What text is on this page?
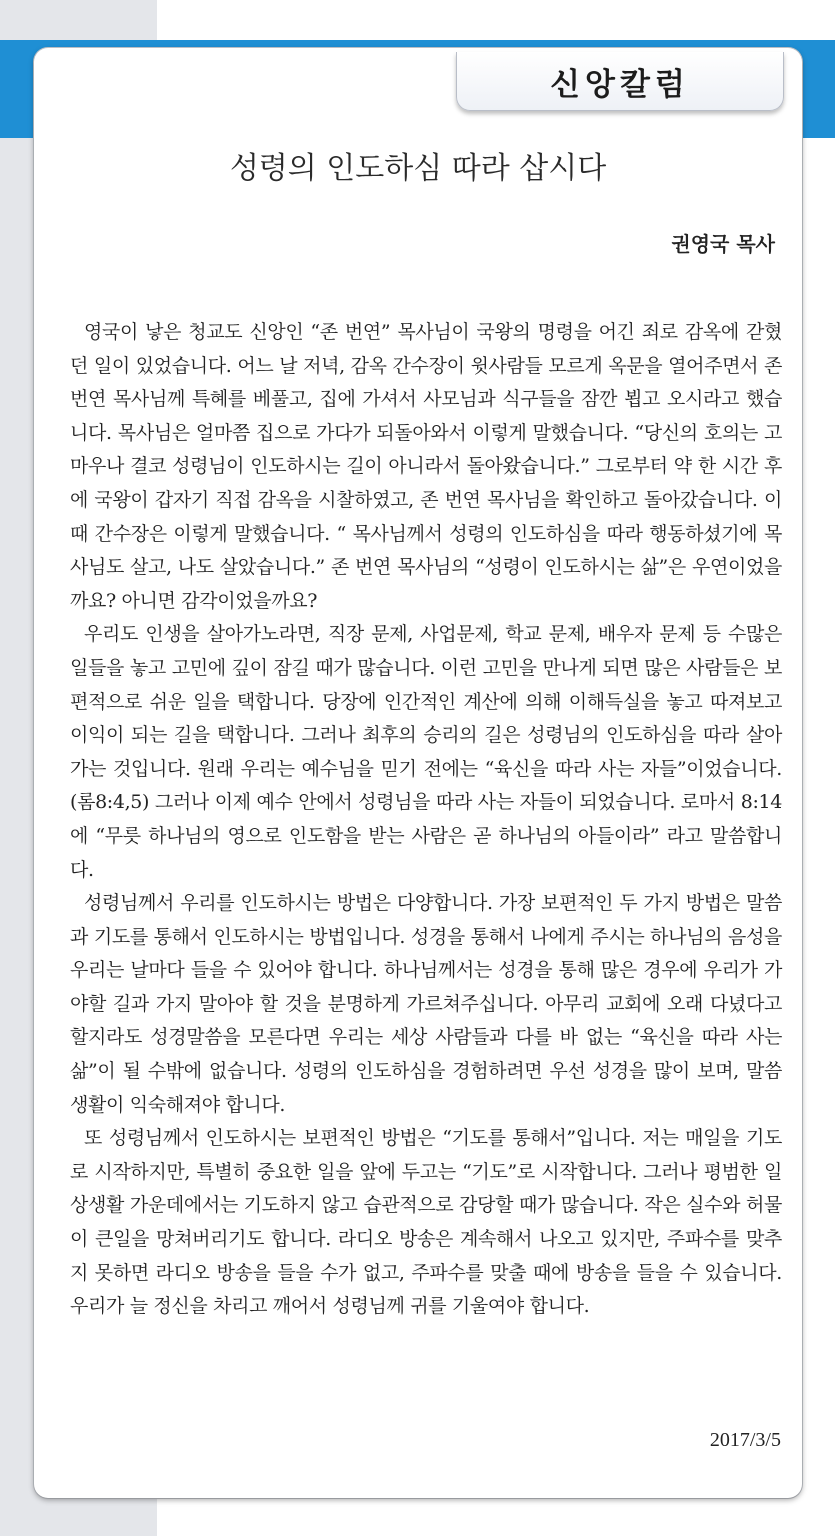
신앙칼럼
성령의 인도하심 따라 삽시다
권영국 목사

영국이 낳은 청교도 신앙인 “존 번연” 목사님이 국왕의 명령을 어긴 죄로 감옥에 갇혔던 일이 있었습니다. 어느 날 저녁, 감옥 간수장이 윗사람들 모르게 옥문을 열어주면서 존 번연 목사님께 특혜를 베풀고, 집에 가셔서 사모님과 식구들을 잠깐 뵙고 오시라고 했습니다. 목사님은 얼마쯤 집으로 가다가 되돌아와서 이렇게 말했습니다. “당신의 호의는 고마우나 결코 성령님이 인도하시는 길이 아니라서 돌아왔습니다.” 그로부터 약 한 시간 후에 국왕이 갑자기 직접 감옥을 시찰하였고, 존 번연 목사님을 확인하고 돌아갔습니다. 이 때 간수장은 이렇게 말했습니다. “ 목사님께서 성령의 인도하심을 따라 행동하셨기에 목사님도 살고, 나도 살았습니다.” 존 번연 목사님의 “성령이 인도하시는 삶”은 우연이었을까요? 아니면 감각이었을까요?

우리도 인생을 살아가노라면, 직장 문제, 사업문제, 학교 문제, 배우자 문제 등 수많은 일들을 놓고 고민에 깊이 잠길 때가 많습니다. 이런 고민을 만나게 되면 많은 사람들은 보편적으로 쉬운 일을 택합니다. 당장에 인간적인 계산에 의해 이해득실을 놓고 따져보고 이익이 되는 길을 택합니다. 그러나 최후의 승리의 길은 성령님의 인도하심을 따라 살아가는 것입니다. 원래 우리는 예수님을 믿기 전에는 “육신을 따라 사는 자들”이었습니다. (롬8:4,5) 그러나 이제 예수 안에서 성령님을 따라 사는 자들이 되었습니다. 로마서 8:14에 “무릇 하나님의 영으로 인도함을 받는 사람은 곧 하나님의 아들이라” 라고 말씀합니다.

성령님께서 우리를 인도하시는 방법은 다양합니다. 가장 보편적인 두 가지 방법은 말씀과 기도를 통해서 인도하시는 방법입니다. 성경을 통해서 나에게 주시는 하나님의 음성을 우리는 날마다 들을 수 있어야 합니다. 하나님께서는 성경을 통해 많은 경우에 우리가 가야할 길과 가지 말아야 할 것을 분명하게 가르쳐주십니다. 아무리 교회에 오래 다녔다고 할지라도 성경말씀을 모른다면 우리는 세상 사람들과 다를 바 없는 “육신을 따라 사는 삶”이 될 수밖에 없습니다. 성령의 인도하심을 경험하려면 우선 성경을 많이 보며, 말씀 생활이 익숙해져야 합니다.

또 성령님께서 인도하시는 보편적인 방법은 “기도를 통해서”입니다. 저는 매일을 기도로 시작하지만, 특별히 중요한 일을 앞에 두고는 “기도”로 시작합니다. 그러나 평범한 일상생활 가운데에서는 기도하지 않고 습관적으로 감당할 때가 많습니다. 작은 실수와 허물이 큰일을 망쳐버리기도 합니다. 라디오 방송은 계속해서 나오고 있지만, 주파수를 맞추지 못하면 라디오 방송을 들을 수가 없고, 주파수를 맞출 때에 방송을 들을 수 있습니다. 우리가 늘 정신을 차리고 깨어서 성령님께 귀를 기울여야 합니다.

2017/3/5
